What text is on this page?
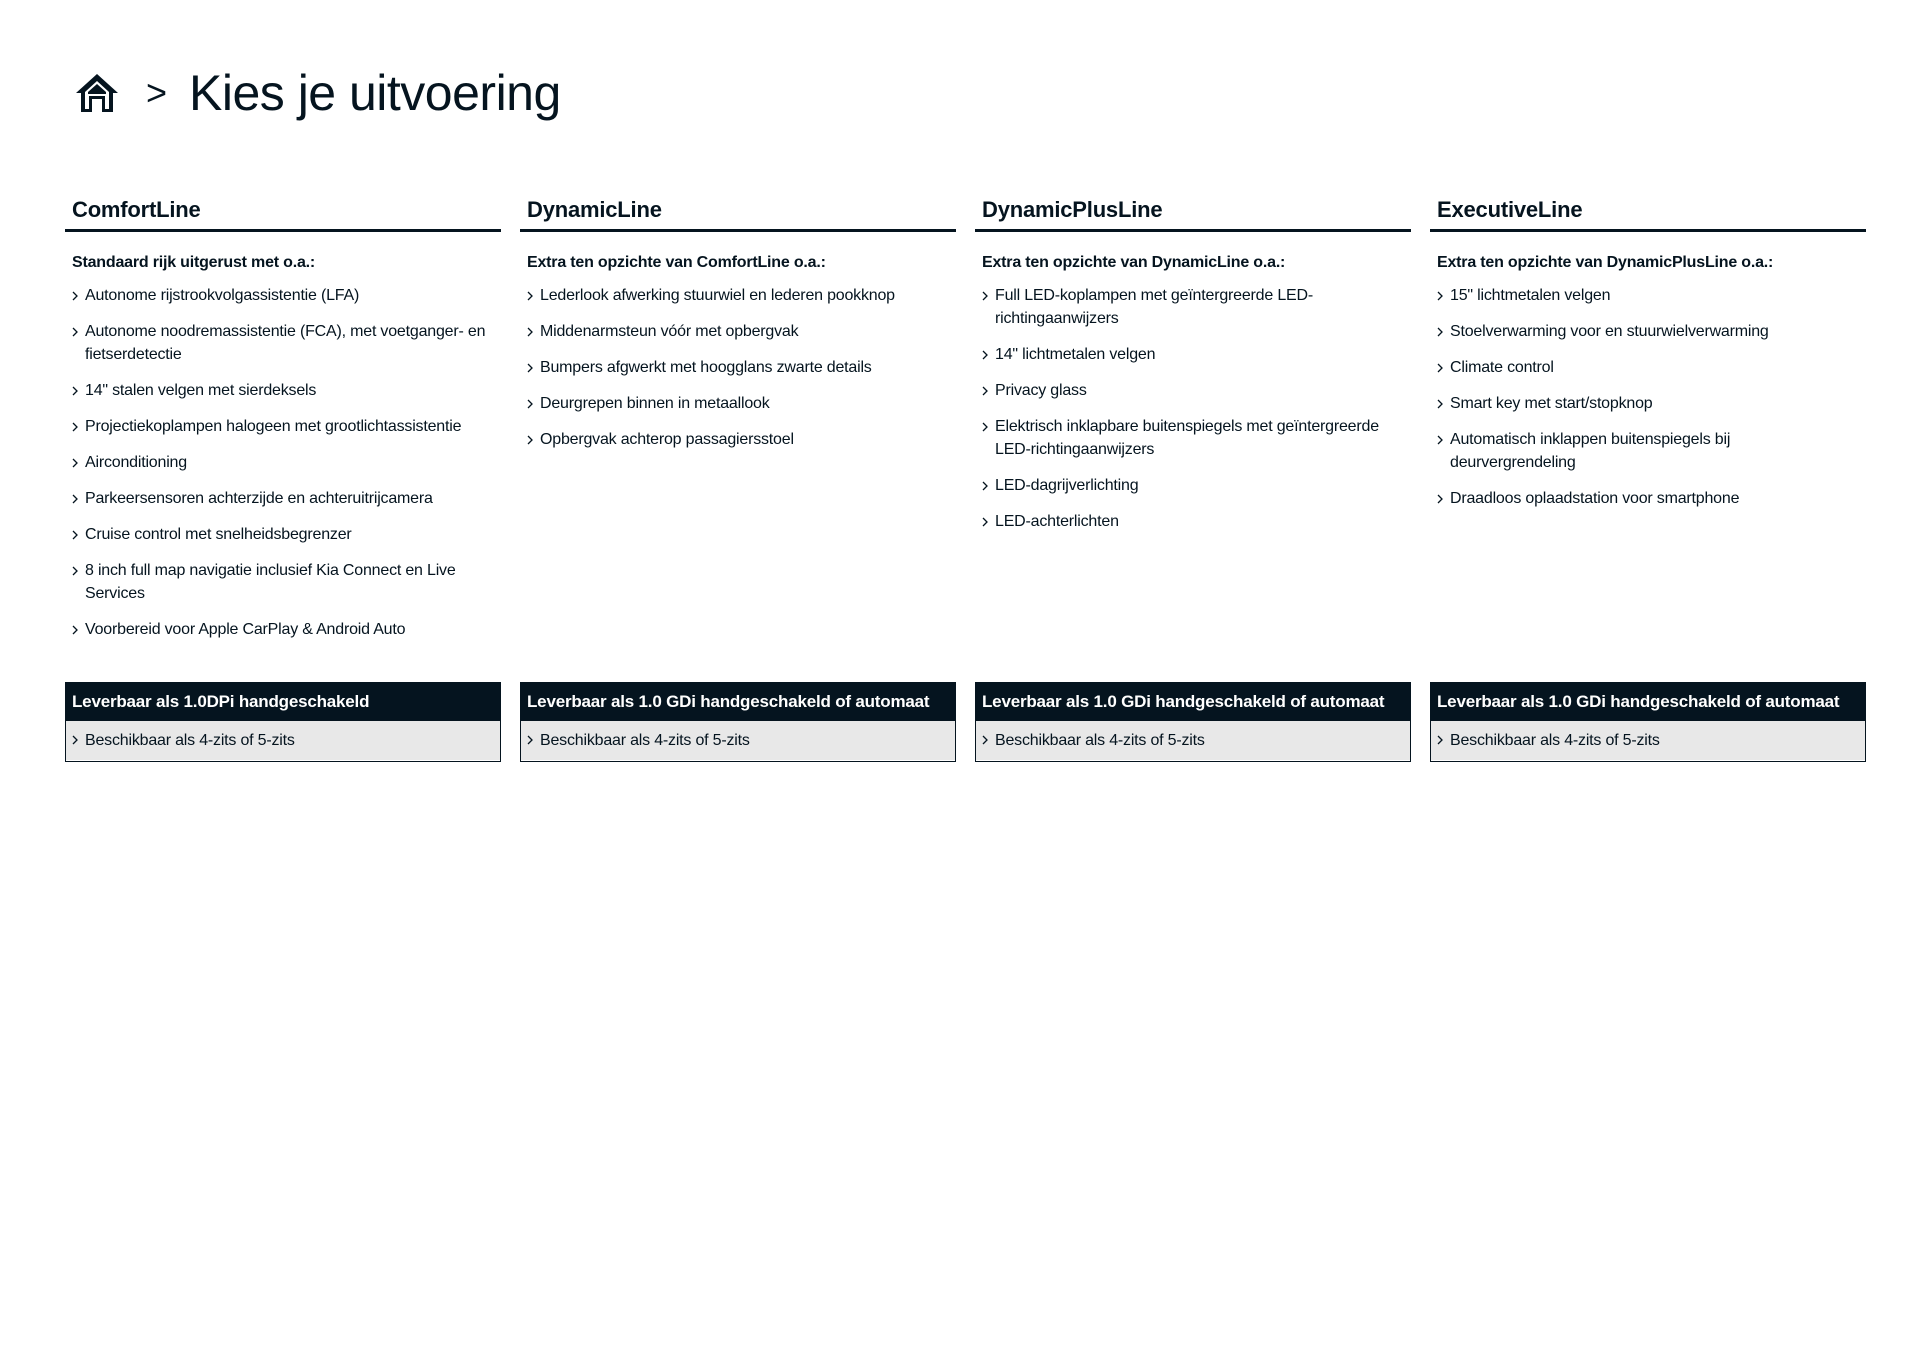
> Kies je uitvoering
ComfortLine
Standaard rijk uitgerust met o.a.:
Autonome rijstrookvolgassistentie (LFA)
Autonome noodremassistentie (FCA), met voetganger- en fietserdetectie
14" stalen velgen met sierdeksels
Projectiekoplampen halogeen met grootlichtassistentie
Airconditioning
Parkeersensoren achterzijde en achteruitrijcamera
Cruise control met snelheidsbegrenzer
8 inch full map navigatie inclusief Kia Connect en Live Services
Voorbereid voor Apple CarPlay & Android Auto
Leverbaar als 1.0DPi handgeschakeld
Beschikbaar als 4-zits of 5-zits
DynamicLine
Extra ten opzichte van ComfortLine o.a.:
Lederlook afwerking stuurwiel en lederen pookknop
Middenarmsteun vóór met opbergvak
Bumpers afgwerkt met hoogglans zwarte details
Deurgrepen binnen in metaallook
Opbergvak achterop passagiersstoel
Leverbaar als 1.0 GDi handgeschakeld of automaat
Beschikbaar als 4-zits of 5-zits
DynamicPlusLine
Extra ten opzichte van DynamicLine o.a.:
Full LED-koplampen met geïntergreerde LED-richtingaanwijzers
14" lichtmetalen velgen
Privacy glass
Elektrisch inklapbare buitenspiegels met geïntergreerde LED-richtingaanwijzers
LED-dagrijverlichting
LED-achterlichten
Leverbaar als 1.0 GDi handgeschakeld of automaat
Beschikbaar als 4-zits of 5-zits
ExecutiveLine
Extra ten opzichte van DynamicPlusLine o.a.:
15" lichtmetalen velgen
Stoelverwarming voor en stuurwielverwarming
Climate control
Smart key met start/stopknop
Automatisch inklappen buitenspiegels bij deurvergrendeling
Draadloos oplaadstation voor smartphone
Leverbaar als 1.0 GDi handgeschakeld of automaat
Beschikbaar als 4-zits of 5-zits
